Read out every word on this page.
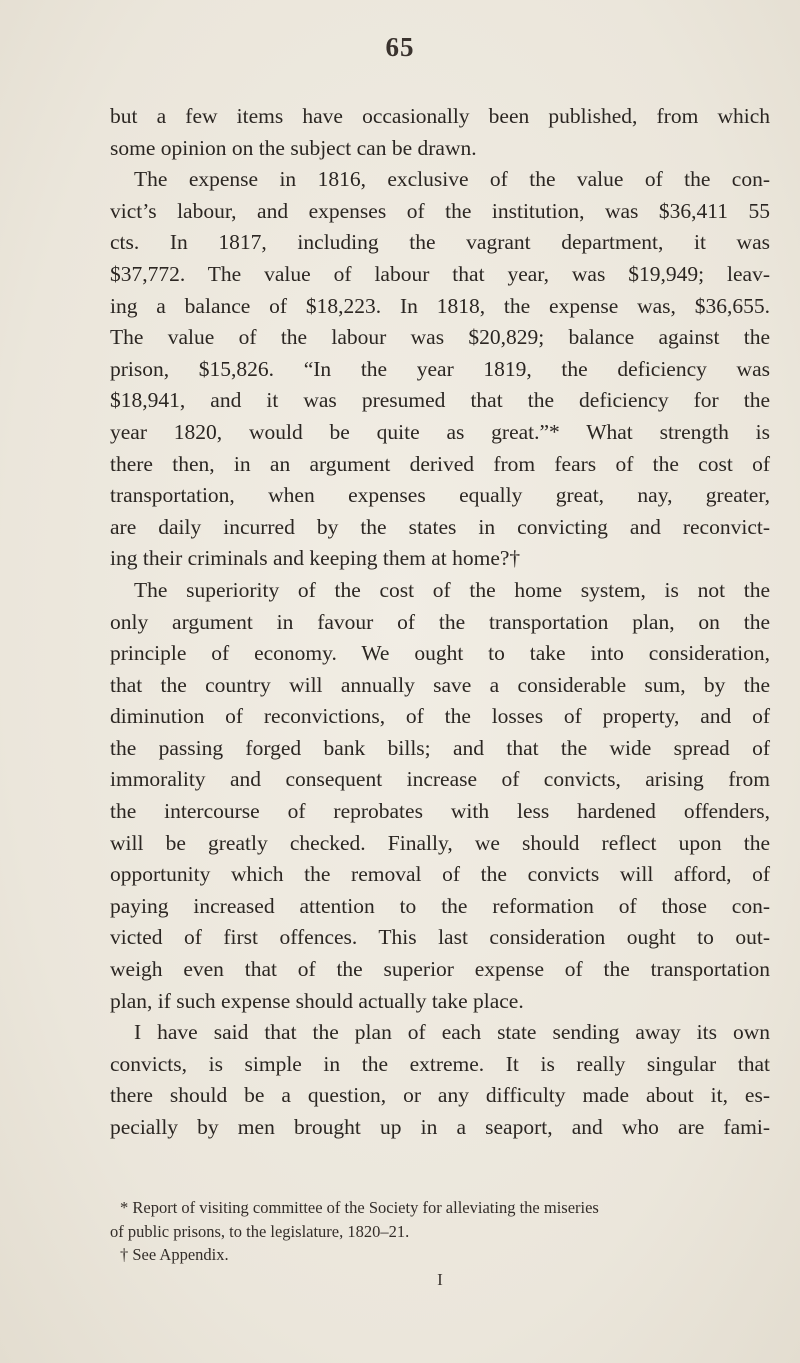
65
but a few items have occasionally been published, from which
some opinion on the subject can be drawn.
The expense in 1816, exclusive of the value of the con-
vict’s labour, and expenses of the institution, was $36,411 55
cts. In 1817, including the vagrant department, it was
$37,772. The value of labour that year, was $19,949; leav-
ing a balance of $18,223. In 1818, the expense was, $36,655.
The value of the labour was $20,829; balance against the
prison, $15,826. “In the year 1819, the deficiency was
$18,941, and it was presumed that the deficiency for the
year 1820, would be quite as great.”* What strength is
there then, in an argument derived from fears of the cost of
transportation, when expenses equally great, nay, greater,
are daily incurred by the states in convicting and reconvict-
ing their criminals and keeping them at home?†
The superiority of the cost of the home system, is not the
only argument in favour of the transportation plan, on the
principle of economy. We ought to take into consideration,
that the country will annually save a considerable sum, by the
diminution of reconvictions, of the losses of property, and of
the passing forged bank bills; and that the wide spread of
immorality and consequent increase of convicts, arising from
the intercourse of reprobates with less hardened offenders,
will be greatly checked. Finally, we should reflect upon the
opportunity which the removal of the convicts will afford, of
paying increased attention to the reformation of those con-
victed of first offences. This last consideration ought to out-
weigh even that of the superior expense of the transportation
plan, if such expense should actually take place.
I have said that the plan of each state sending away its own
convicts, is simple in the extreme. It is really singular that
there should be a question, or any difficulty made about it, es-
pecially by men brought up in a seaport, and who are fami-
* Report of visiting committee of the Society for alleviating the miseries
of public prisons, to the legislature, 1820–21.
† See Appendix.
I
